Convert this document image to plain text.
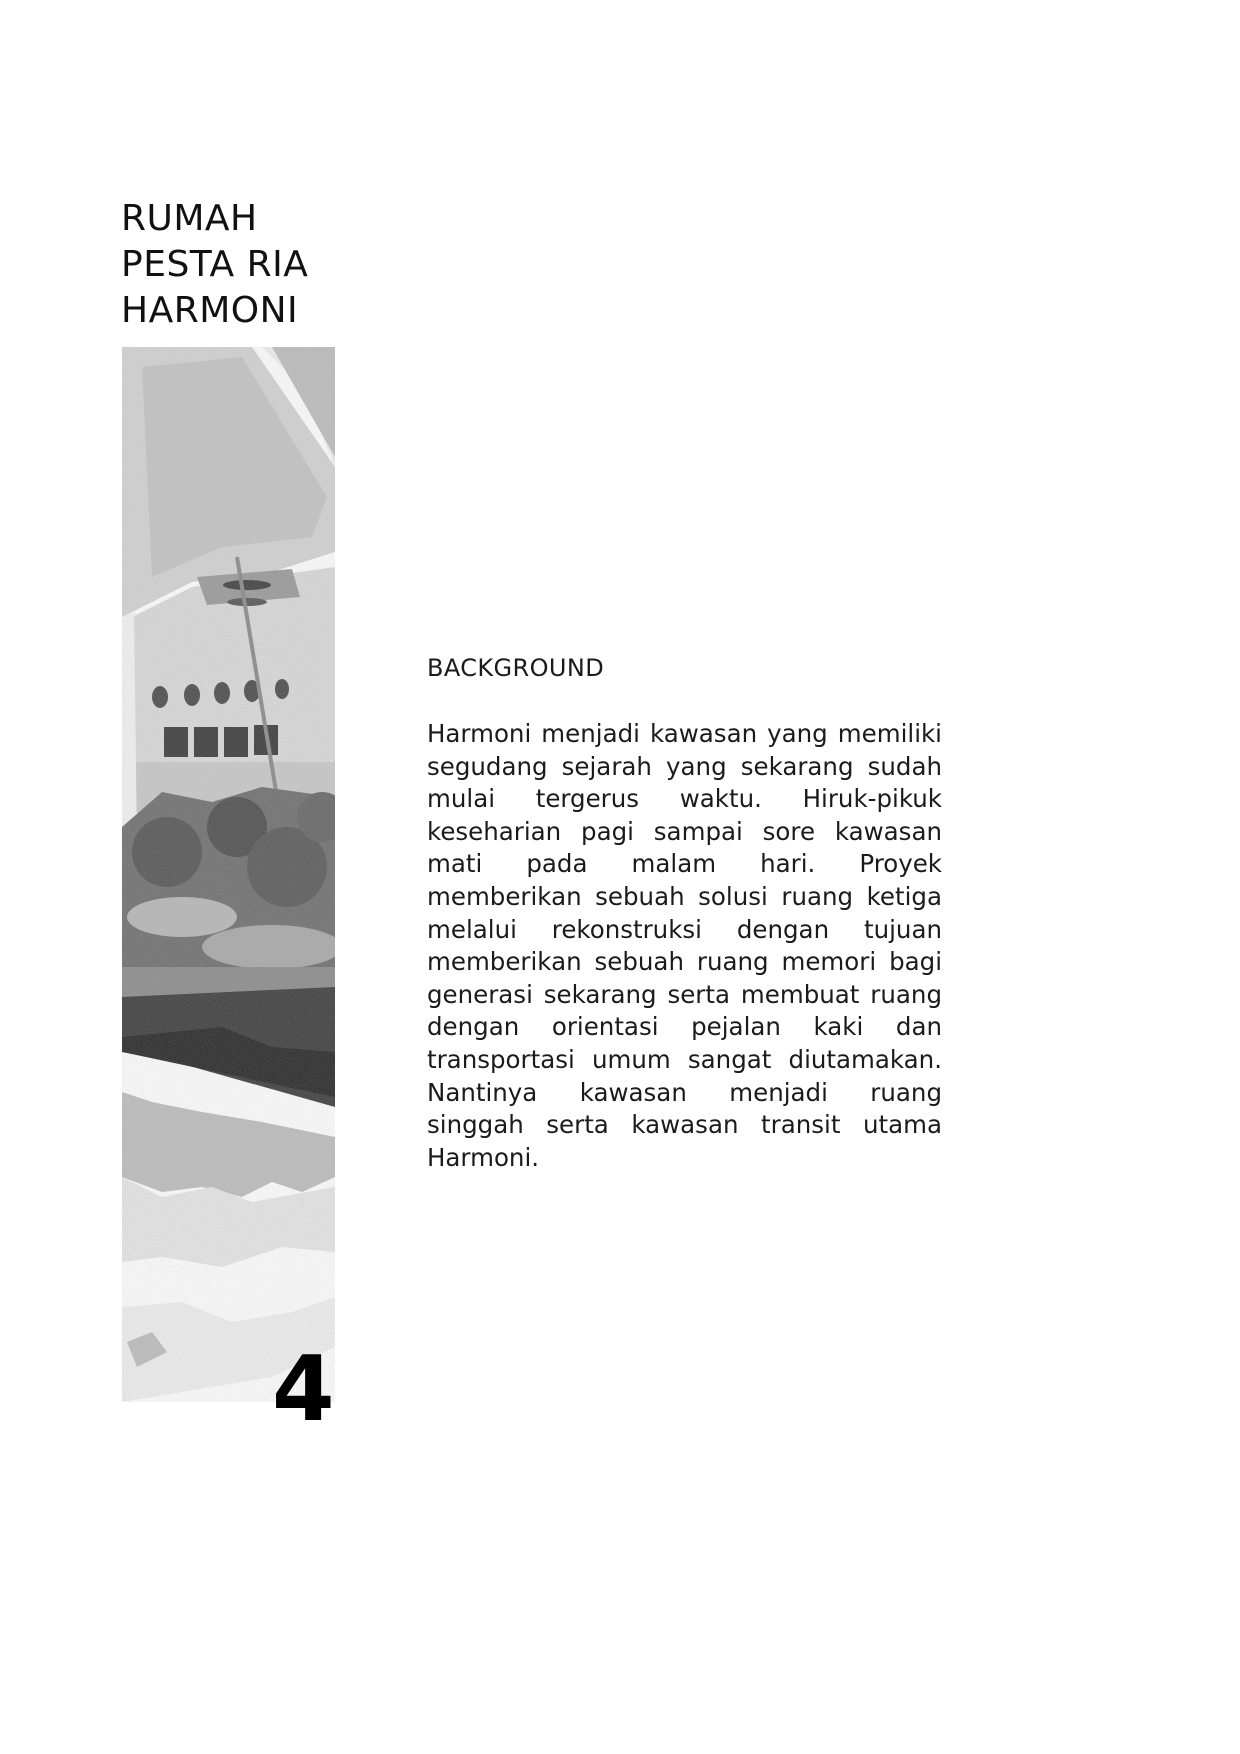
RUMAH
PESTA RIA
HARMONI
BACKGROUND

Harmoni menjadi kawasan yang memiliki segudang sejarah yang sekarang sudah mulai tergerus waktu. Hiruk-pikuk keseharian pagi sampai sore kawasan mati pada malam hari. Proyek memberikan sebuah solusi ruang ketiga melalui rekonstruksi dengan tujuan memberikan sebuah ruang memori bagi generasi sekarang serta membuat ruang dengan orientasi pejalan kaki dan transportasi umum sangat diutamakan. Nantinya kawasan menjadi ruang singgah serta kawasan transit utama Harmoni.

4
